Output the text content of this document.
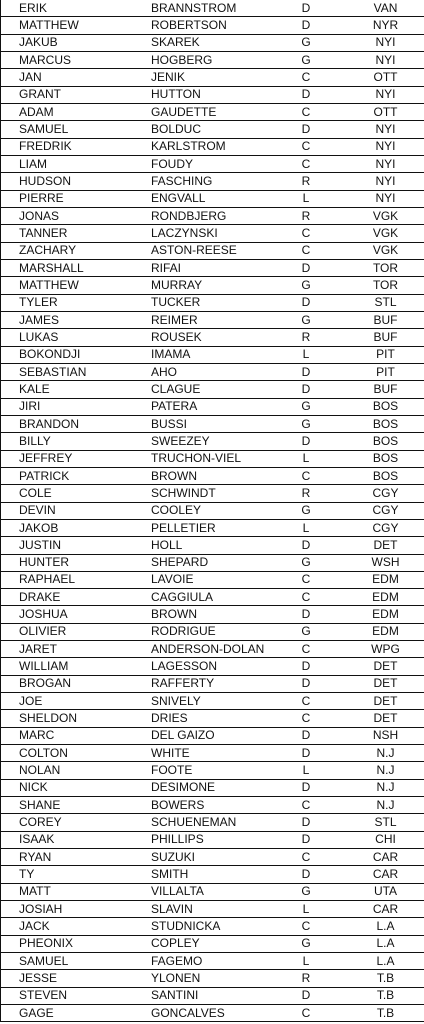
ERIK	BRANNSTROM	D	VAN
MATTHEW	ROBERTSON	D	NYR
JAKUB	SKAREK	G	NYI
MARCUS	HOGBERG	G	NYI
JAN	JENIK	C	OTT
GRANT	HUTTON	D	NYI
ADAM	GAUDETTE	C	OTT
SAMUEL	BOLDUC	D	NYI
FREDRIK	KARLSTROM	C	NYI
LIAM	FOUDY	C	NYI
HUDSON	FASCHING	R	NYI
PIERRE	ENGVALL	L	NYI
JONAS	RONDBJERG	R	VGK
TANNER	LACZYNSKI	C	VGK
ZACHARY	ASTON-REESE	C	VGK
MARSHALL	RIFAI	D	TOR
MATTHEW	MURRAY	G	TOR
TYLER	TUCKER	D	STL
JAMES	REIMER	G	BUF
LUKAS	ROUSEK	R	BUF
BOKONDJI	IMAMA	L	PIT
SEBASTIAN	AHO	D	PIT
KALE	CLAGUE	D	BUF
JIRI	PATERA	G	BOS
BRANDON	BUSSI	G	BOS
BILLY	SWEEZEY	D	BOS
JEFFREY	TRUCHON-VIEL	L	BOS
PATRICK	BROWN	C	BOS
COLE	SCHWINDT	R	CGY
DEVIN	COOLEY	G	CGY
JAKOB	PELLETIER	L	CGY
JUSTIN	HOLL	D	DET
HUNTER	SHEPARD	G	WSH
RAPHAEL	LAVOIE	C	EDM
DRAKE	CAGGIULA	C	EDM
JOSHUA	BROWN	D	EDM
OLIVIER	RODRIGUE	G	EDM
JARET	ANDERSON-DOLAN	C	WPG
WILLIAM	LAGESSON	D	DET
BROGAN	RAFFERTY	D	DET
JOE	SNIVELY	C	DET
SHELDON	DRIES	C	DET
MARC	DEL GAIZO	D	NSH
COLTON	WHITE	D	N.J
NOLAN	FOOTE	L	N.J
NICK	DESIMONE	D	N.J
SHANE	BOWERS	C	N.J
COREY	SCHUENEMAN	D	STL
ISAAK	PHILLIPS	D	CHI
RYAN	SUZUKI	C	CAR
TY	SMITH	D	CAR
MATT	VILLALTA	G	UTA
JOSIAH	SLAVIN	L	CAR
JACK	STUDNICKA	C	L.A
PHEONIX	COPLEY	G	L.A
SAMUEL	FAGEMO	L	L.A
JESSE	YLONEN	R	T.B
STEVEN	SANTINI	D	T.B
GAGE	GONCALVES	C	T.B
